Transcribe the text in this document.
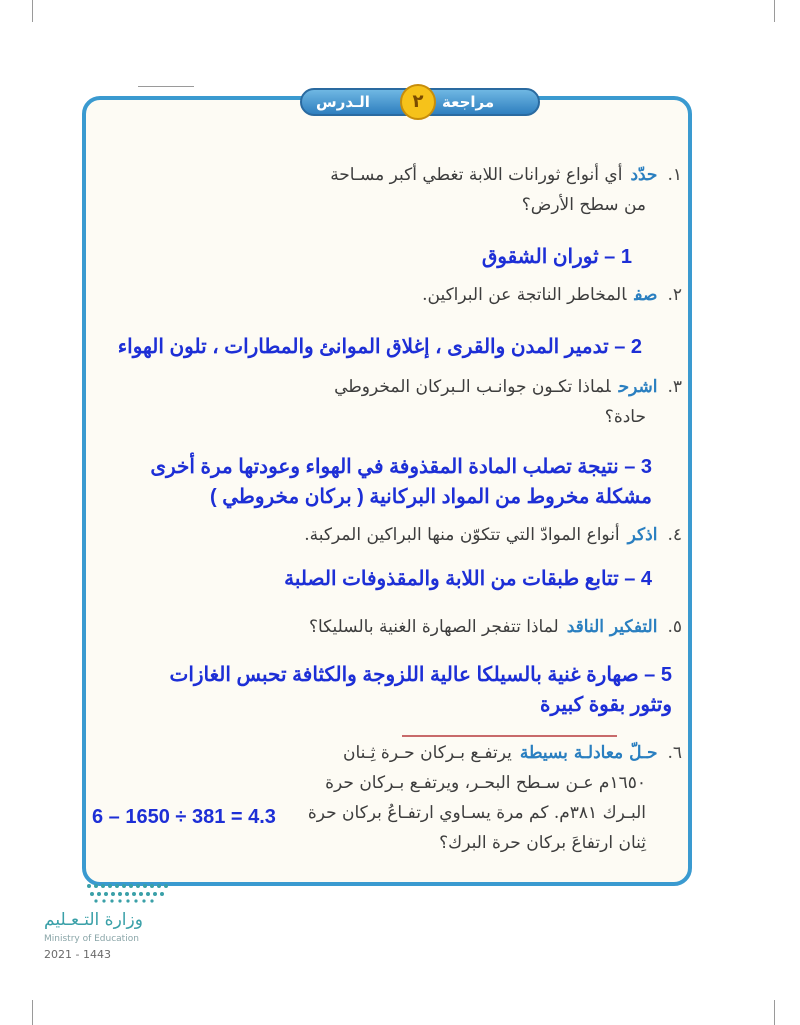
مراجعة
٢
الـدرس
١.حدّدأي أنواع ثورانات اللابة تغطي أكبر مسـاحة
من سطح الأرض؟
1 – ثوران الشقوق
٢.صفالمخاطر الناتجة عن البراكين.
2 – تدمير المدن والقرى ، إغلاق الموانئ والمطارات ، تلون الهواء
٣.اشرحلماذا تكـون جوانـب الـبركان المخروطي
حادة؟
3 – نتيجة تصلب المادة المقذوفة في الهواء وعودتها مرة أخرى
مشكلة مخروط من المواد البركانية ( بركان مخروطي )
٤.اذكرأنواع الموادّ التي تتكوّن منها البراكين المركبة.
4 – تتابع طبقات من اللابة والمقذوفات الصلبة
٥.التفكير الناقدلماذا تتفجر الصهارة الغنية بالسليكا؟
5 – صهارة غنية بالسيلكا عالية اللزوجة والكثافة تحبس الغازات
وتثور بقوة كبيرة
٦.حـلّ معادلـة بسيطةيرتفـع بـركان حـرة ثِـنان
١٦٥٠م عـن سـطح البحـر، ويرتفـع بـركان حرة
البـرك ٣٨١م. كم مرة يسـاوي ارتفـاعُ بركان حرة
ثِنان ارتفاعَ بركان حرة البرك؟
6 – 1650 ÷ 381 = 4.3
وزارة التـعـليم
Ministry of Education
2021 - 1443
